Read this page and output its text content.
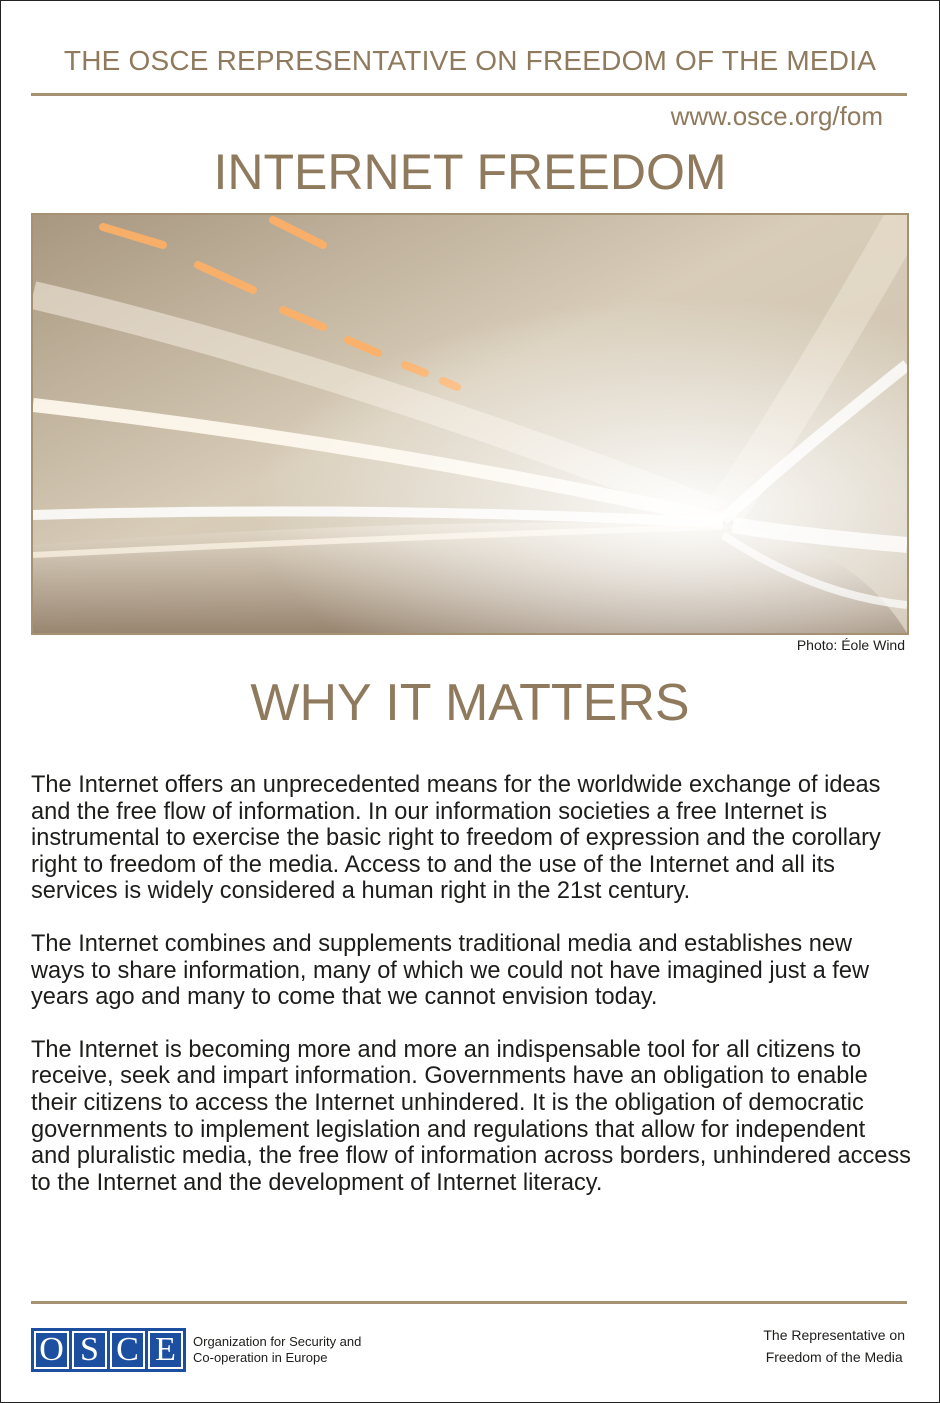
THE OSCE REPRESENTATIVE ON FREEDOM OF THE MEDIA
www.osce.org/fom
INTERNET FREEDOM
Photo: Éole Wind
WHY IT MATTERS

The Internet offers an unprecedented means for the worldwide exchange of ideas and the free flow of information. In our information societies a free Internet is instrumental to exercise the basic right to freedom of expression and the corollary right to freedom of the media. Access to and the use of the Internet and all its services is widely considered a human right in the 21st century.

The Internet combines and supplements traditional media and establishes new ways to share information, many of which we could not have imagined just a few years ago and many to come that we cannot envision today.

The Internet is becoming more and more an indispensable tool for all citizens to receive, seek and impart information. Governments have an obligation to enable their citizens to access the Internet unhindered. It is the obligation of democratic governments to implement legislation and regulations that allow for independent and pluralistic media, the free flow of information across borders, unhindered access to the Internet and the development of Internet literacy.

O S C E	Organization for Security and
Co-operation in Europe
The Representative on
Freedom of the Media
